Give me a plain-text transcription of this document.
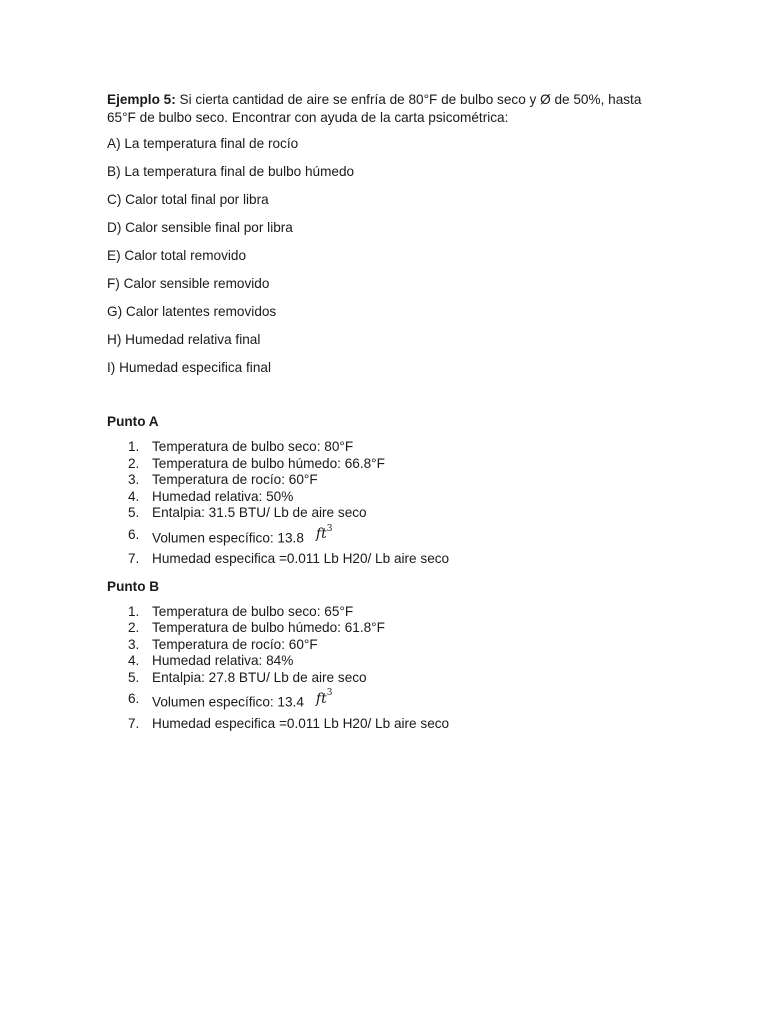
Ejemplo 5: Si cierta cantidad de aire se enfría de 80°F de bulbo seco y Ø de 50%, hasta 65°F de bulbo seco. Encontrar con ayuda de la carta psicométrica:

A) La temperatura final de rocío
B) La temperatura final de bulbo húmedo
C) Calor total final por libra
D) Calor sensible final por libra
E) Calor total removido
F) Calor sensible removido
G) Calor latentes removidos
H) Humedad relativa final
I) Humedad especifica final

Punto A

1. Temperatura de bulbo seco: 80°F
2. Temperatura de bulbo húmedo: 66.8°F
3. Temperatura de rocío: 60°F
4. Humedad relativa: 50%
5. Entalpia: 31.5 BTU/ Lb de aire seco
6. Volumen específico: 13.8 $ft^3$
7. Humedad especifica =0.011 Lb H20/ Lb aire seco

Punto B

1. Temperatura de bulbo seco: 65°F
2. Temperatura de bulbo húmedo: 61.8°F
3. Temperatura de rocío: 60°F
4. Humedad relativa: 84%
5. Entalpia: 27.8 BTU/ Lb de aire seco
6. Volumen específico: 13.4 $ft^3$
7. Humedad especifica =0.011 Lb H20/ Lb aire seco
